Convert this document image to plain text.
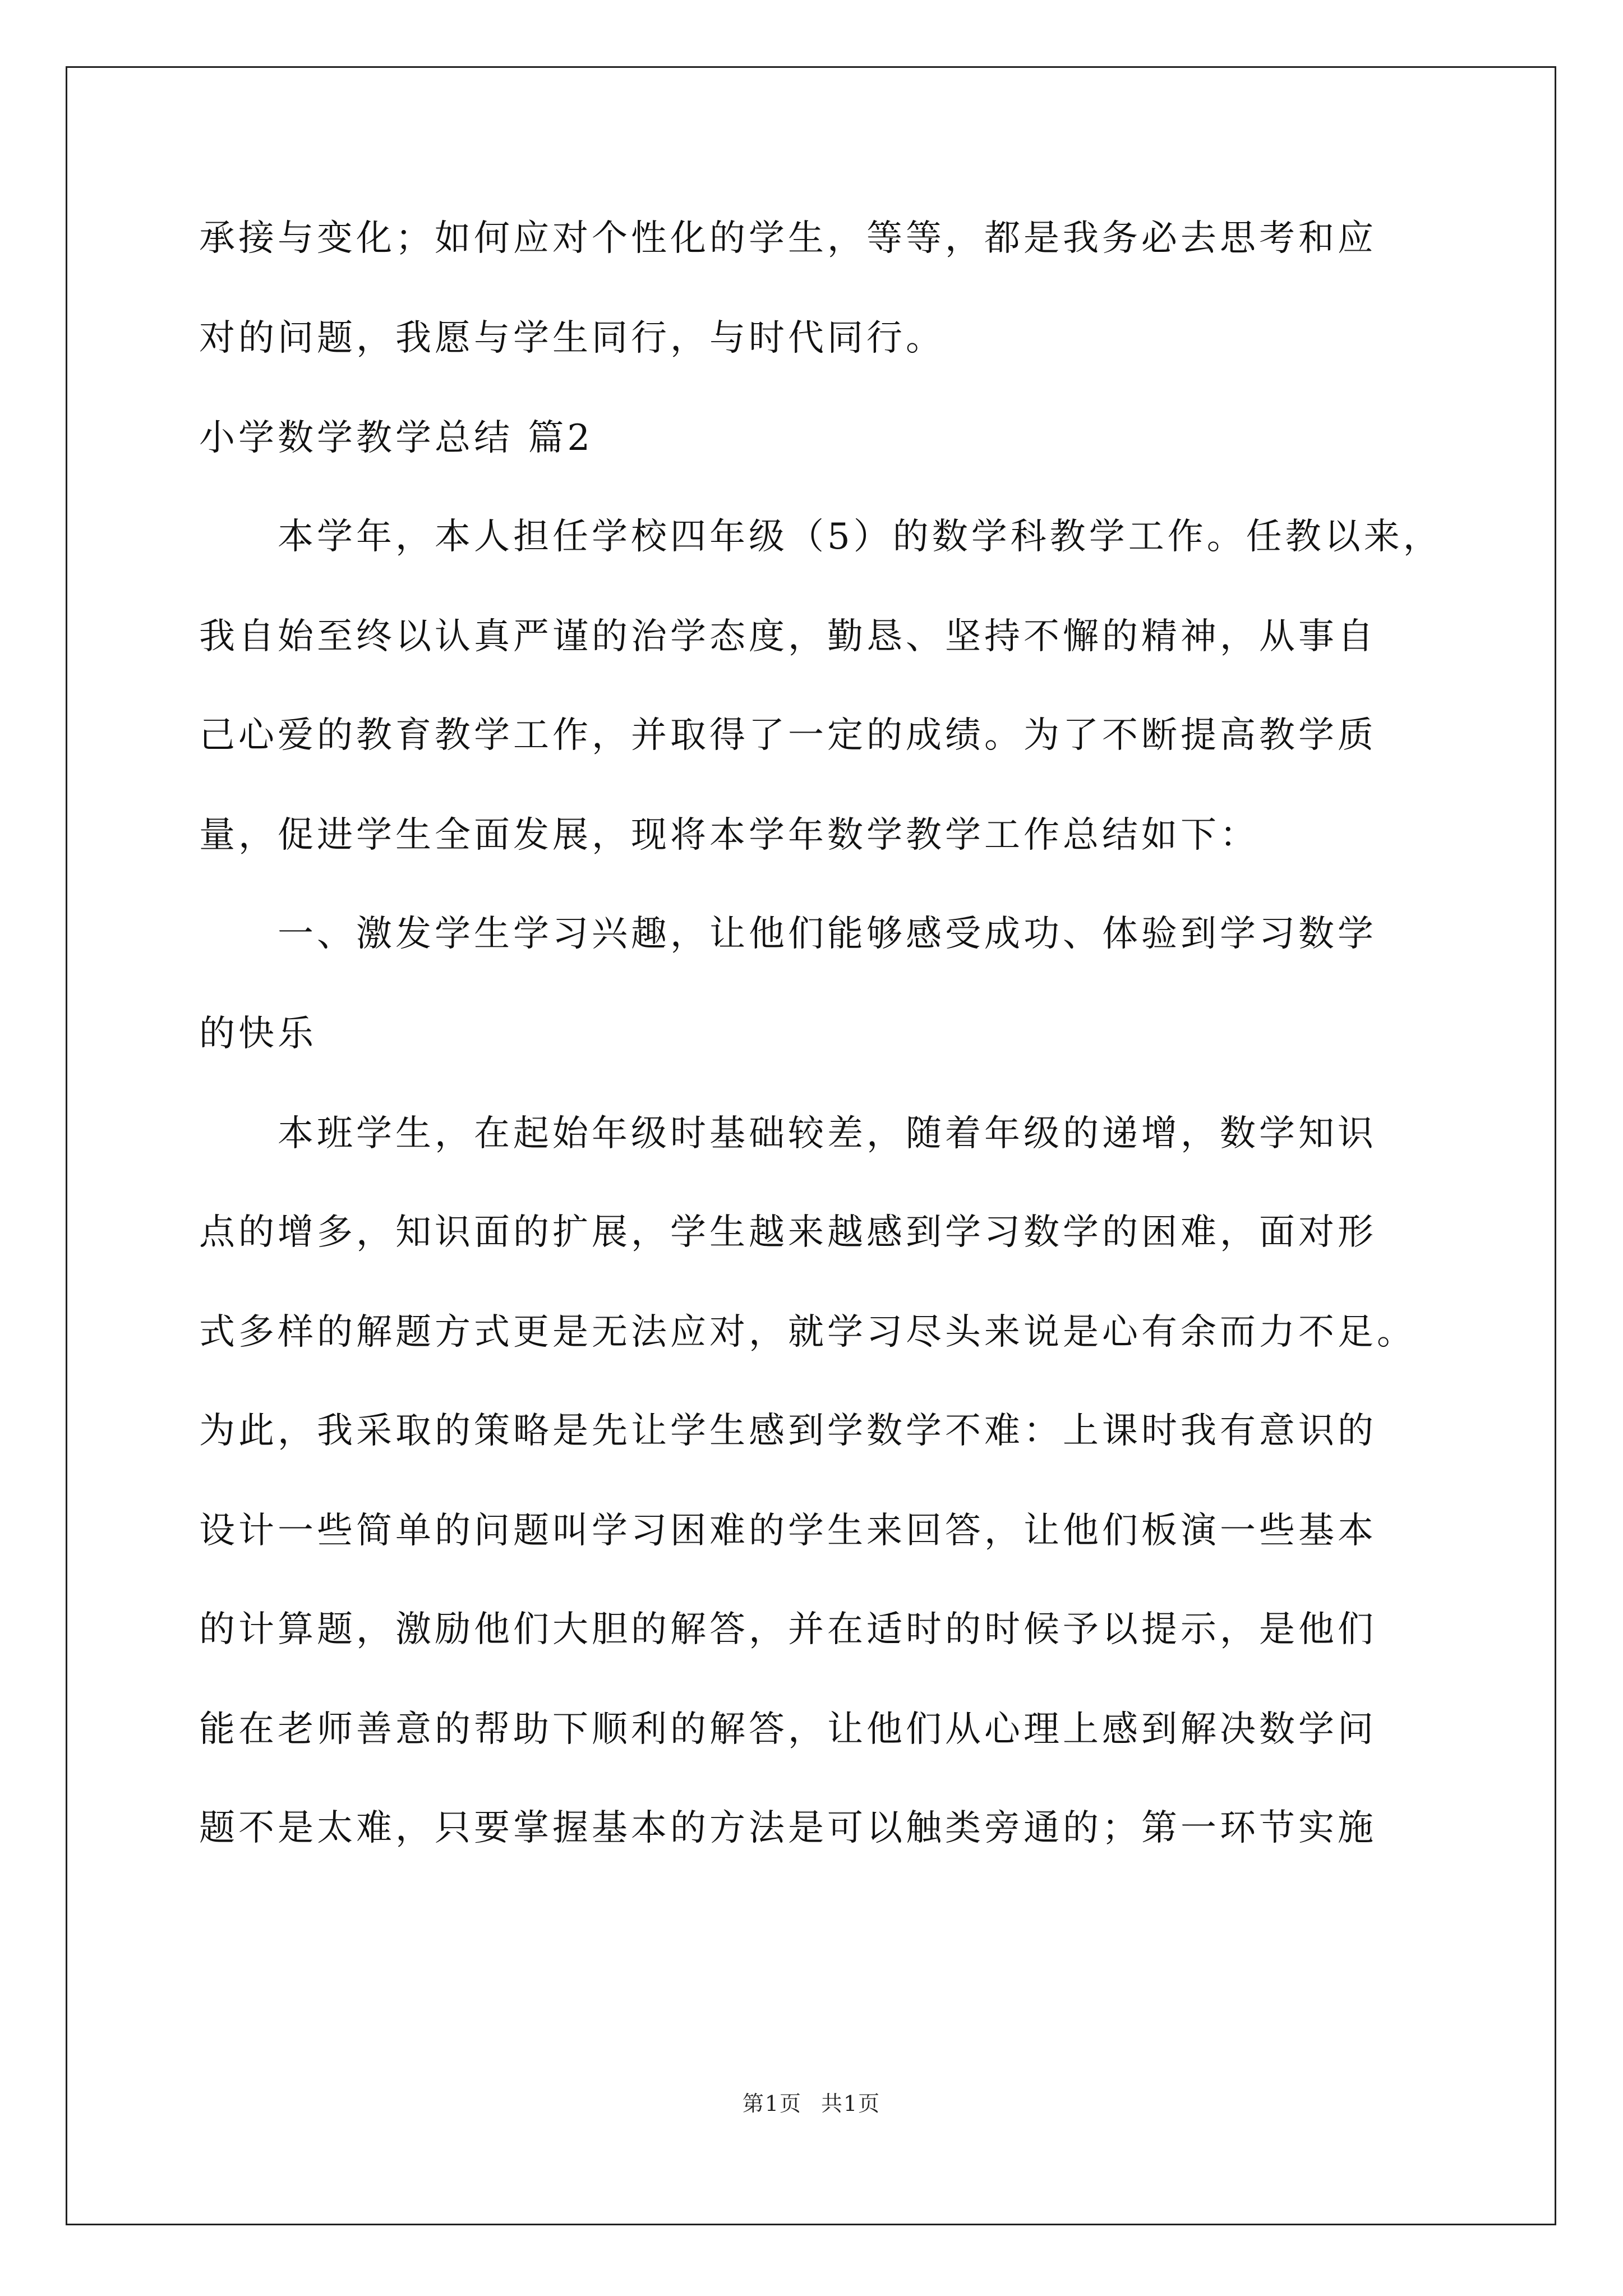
承接与变化；如何应对个性化的学生，等等，都是我务必去思考和应
对的问题，我愿与学生同行，与时代同行。
小学数学教学总结 篇2
本学年，本人担任学校四年级（5）的数学科教学工作。任教以来，
我自始至终以认真严谨的治学态度，勤恳、坚持不懈的精神，从事自
己心爱的教育教学工作，并取得了一定的成绩。为了不断提高教学质
量，促进学生全面发展，现将本学年数学教学工作总结如下：
一、激发学生学习兴趣，让他们能够感受成功、体验到学习数学
的快乐
本班学生，在起始年级时基础较差，随着年级的递增，数学知识
点的增多，知识面的扩展，学生越来越感到学习数学的困难，面对形
式多样的解题方式更是无法应对，就学习尽头来说是心有余而力不足。
为此，我采取的策略是先让学生感到学数学不难：上课时我有意识的
设计一些简单的问题叫学习困难的学生来回答，让他们板演一些基本
的计算题，激励他们大胆的解答，并在适时的时候予以提示，是他们
能在老师善意的帮助下顺利的解答，让他们从心理上感到解决数学问
题不是太难，只要掌握基本的方法是可以触类旁通的；第一环节实施
第1页 共1页
